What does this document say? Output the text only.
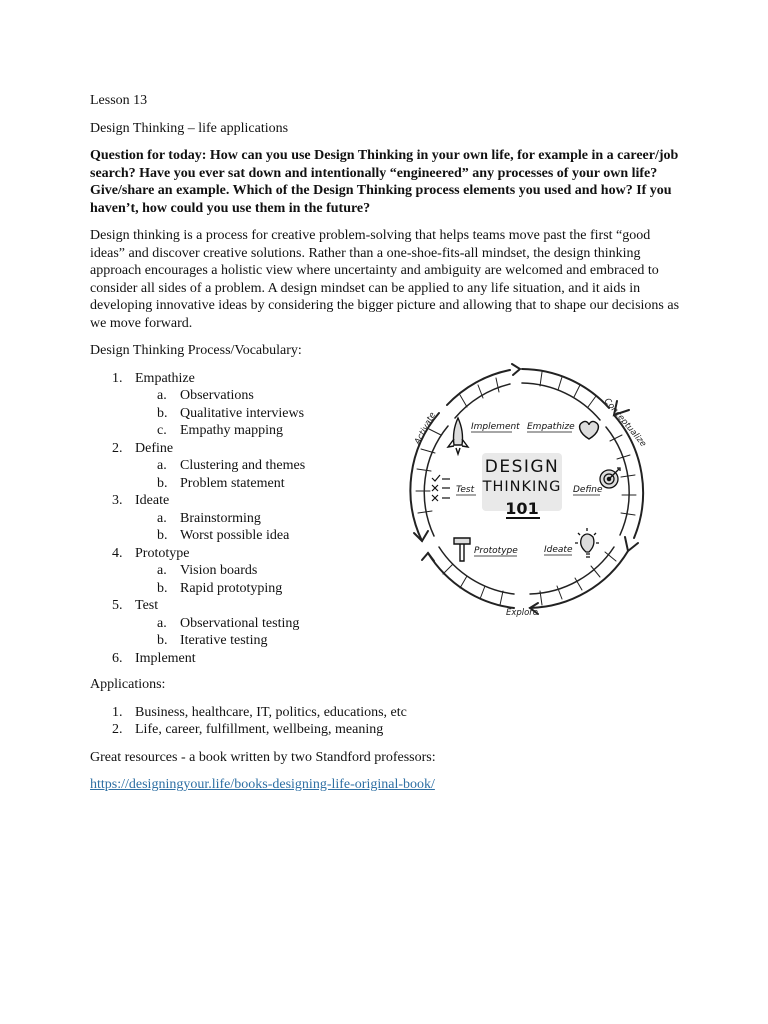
Lesson 13

Design Thinking – life applications

Question for today: How can you use Design Thinking in your own life, for example in a career/job search? Have you ever sat down and intentionally “engineered” any processes of your own life? Give/share an example. Which of the Design Thinking process elements you used and how? If you haven’t, how could you use them in the future?

Design thinking is a process for creative problem-solving that helps teams move past the first “good ideas” and discover creative solutions. Rather than a one-shoe-fits-all mindset, the design thinking approach encourages a holistic view where uncertainty and ambiguity are welcomed and embraced to consider all sides of a problem. A design mindset can be applied to any life situation, and it aids in developing innovative ideas by considering the bigger picture and allowing that to shape our decisions as we move forward.

Design Thinking Process/Vocabulary:

1. Empathize
a. Observations
b. Qualitative interviews
c. Empathy mapping
2. Define
a. Clustering and themes
b. Problem statement
3. Ideate
a. Brainstorming
b. Worst possible idea
4. Prototype
a. Vision boards
b. Rapid prototyping
5. Test
a. Observational testing
b. Iterative testing
6. Implement

Applications:

1. Business, healthcare, IT, politics, educations, etc
2. Life, career, fulfillment, wellbeing, meaning

Great resources - a book written by two Standford professors:

https://designingyour.life/books-designing-life-original-book/

Activate	Conceptualize
Explore
DESIGN
THINKING
101
Implement Empathize
Define
Ideate
Prototype
Test
